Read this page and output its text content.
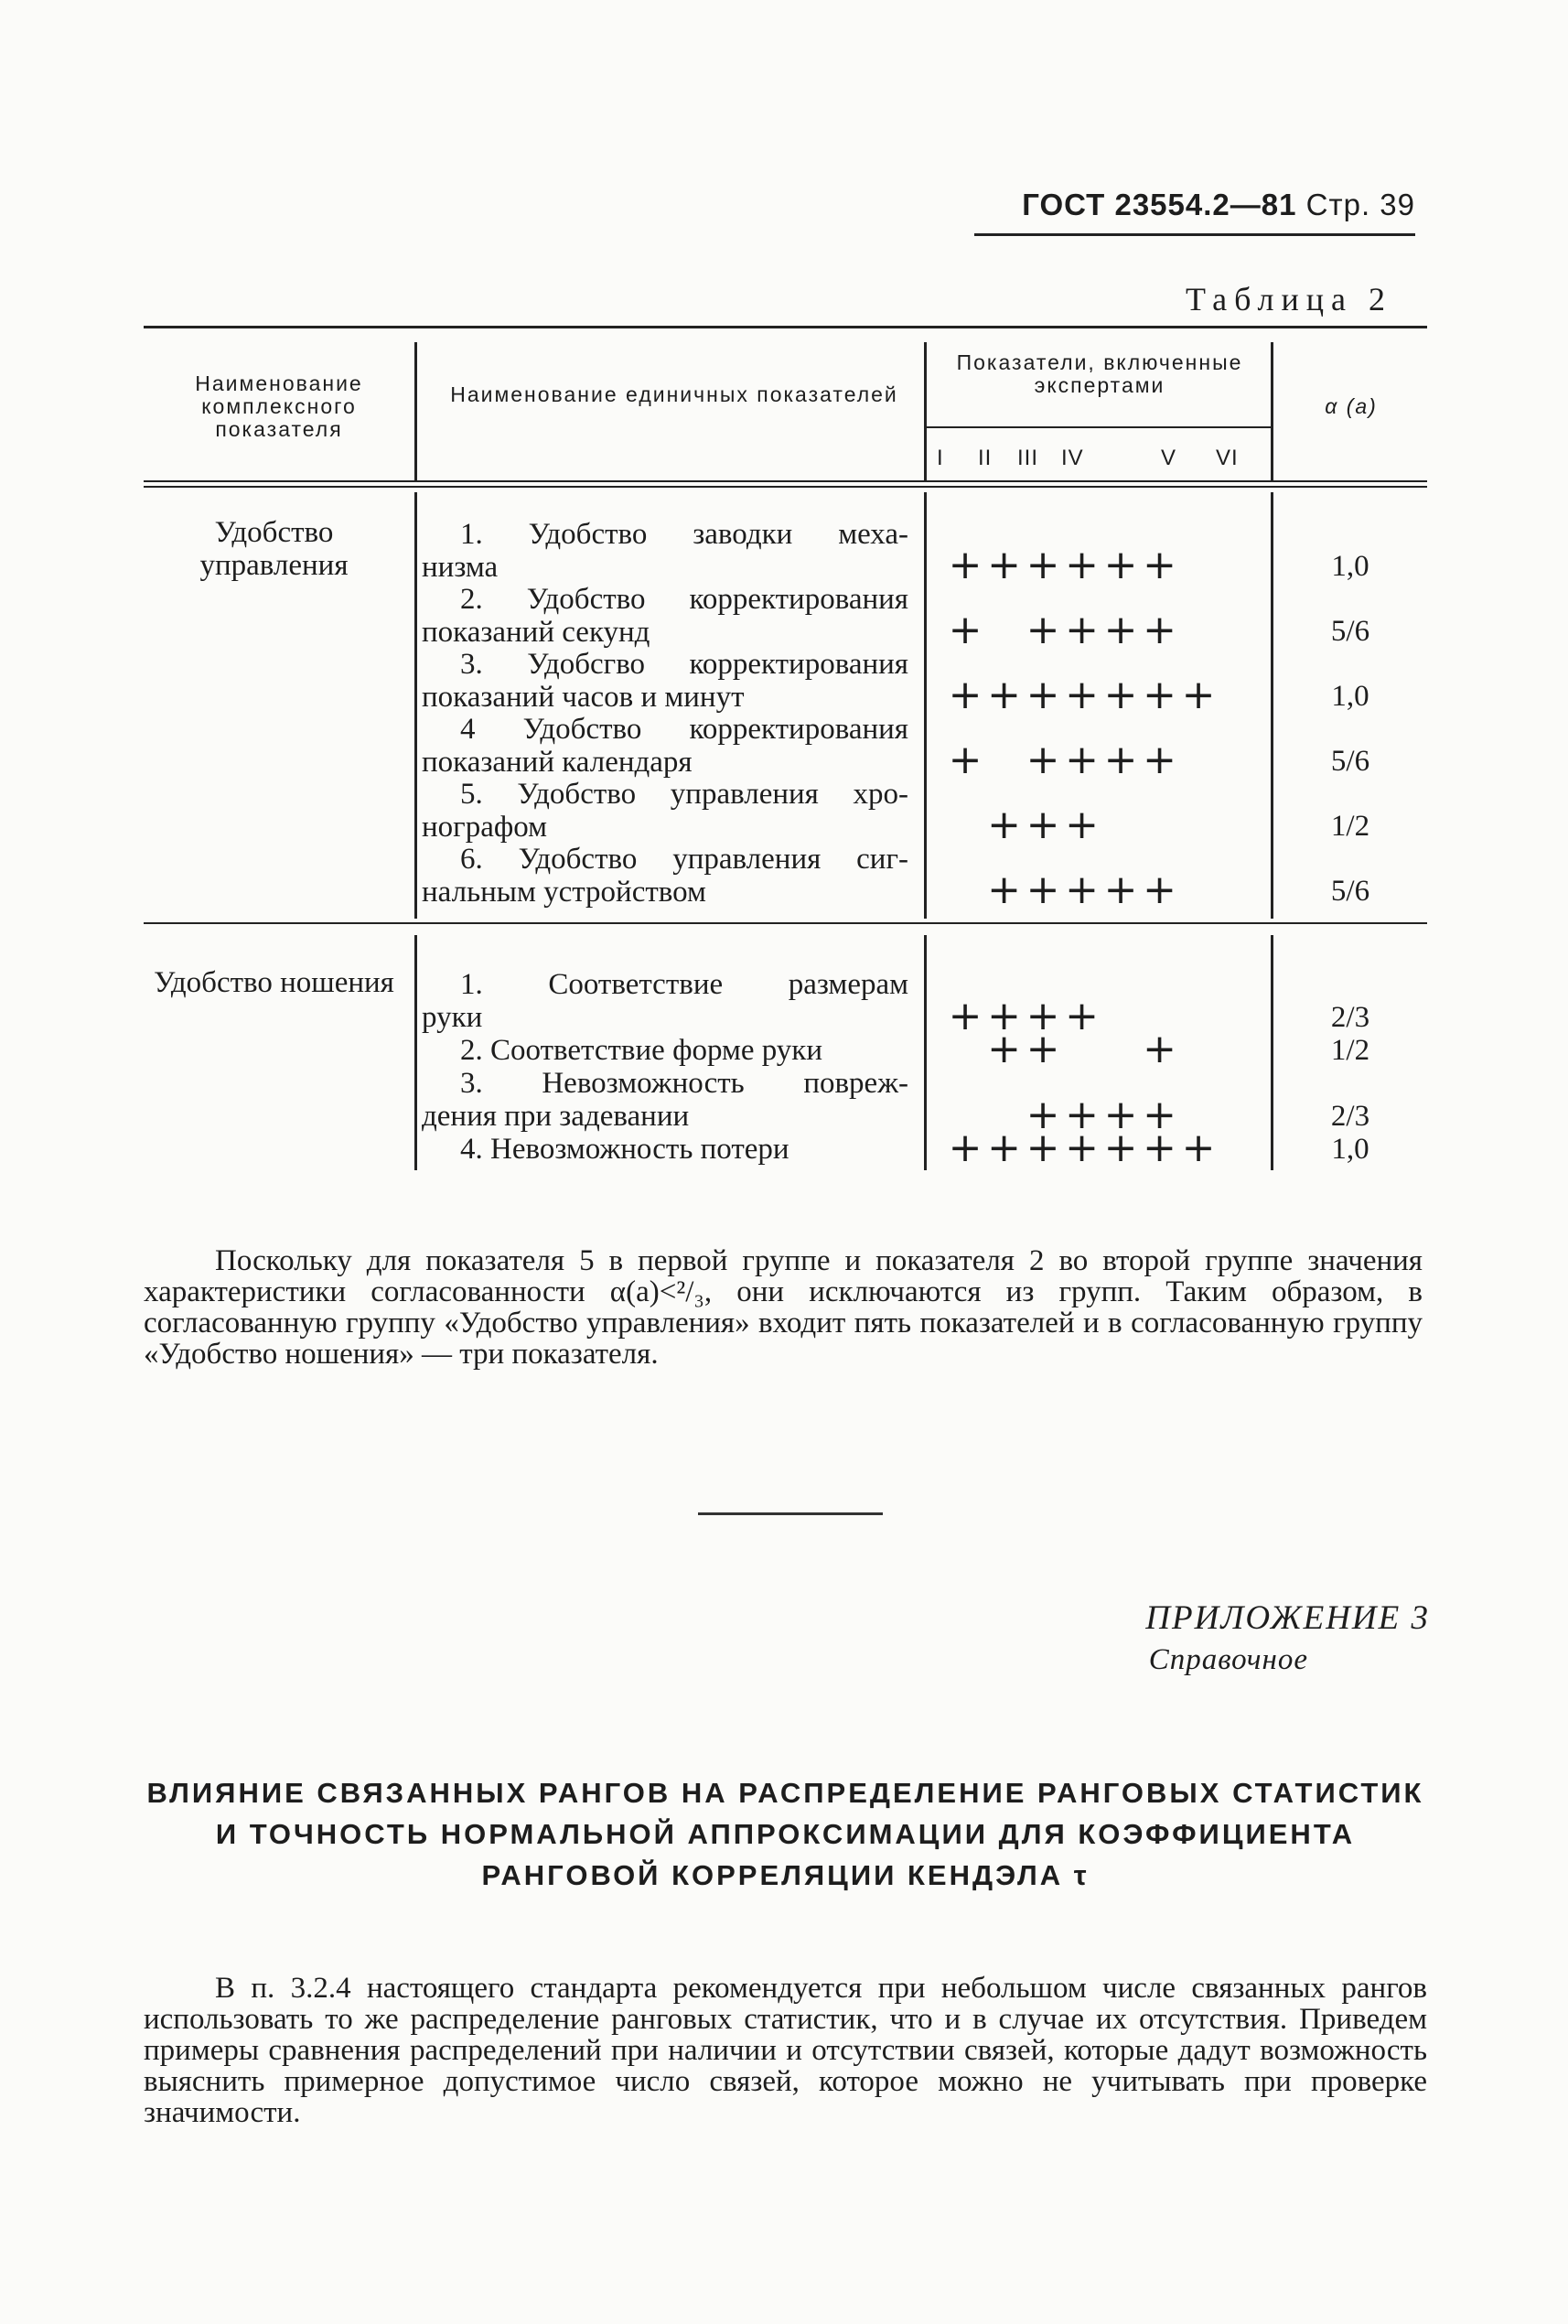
ГОСТ 23554.2—81 Стр. 39
Таблица 2
Наименование комплексного показателя
Наименование единичных показателей
Показатели, включенные экспертами
α (a)
I II III IV	V VI
Удобство управления
1. Удобство заводки меха-
низма
2. Удобство корректирования
показаний секунд
3. Удобсгво корректирования
показаний часов и минут
4 Удобство корректирования
показаний календаря
5. Удобство управления хро-
нографом
6. Удобство управления сиг-
нальным устройством
1,0
5/6
1,0
5/6
1/2
5/6
Удобство ношения	1. Соответствие размерам
руки
2. Соответствие форме руки
3. Невозможность повреж-
дения при задевании
4. Невозможность потери
2/3
1/2
2/3
1,0
+ + + + + +
+ + + + +
+ + + + + + +
+ + + + +
+ + +
+ + + + +
+ + + +
+ + +
+ + + +
+ + + + + + +
Поскольку для показателя 5 в первой группе и показателя 2 во второй группе значения характеристики согласованности α(a)<²/₃, они исключаются из групп. Таким образом, в согласованную группу «Удобство управления» входит пять показателей и в согласованную группу «Удобство ношения» — три показателя.
ПРИЛОЖЕНИЕ 3
Справочное
ВЛИЯНИЕ СВЯЗАННЫХ РАНГОВ НА РАСПРЕДЕЛЕНИЕ РАНГОВЫХ СТАТИСТИК И ТОЧНОСТЬ НОРМАЛЬНОЙ АППРОКСИМАЦИИ ДЛЯ КОЭФФИЦИЕНТА РАНГОВОЙ КОРРЕЛЯЦИИ КЕНДЭЛА τ
В п. 3.2.4 настоящего стандарта рекомендуется при небольшом числе связанных рангов использовать то же распределение ранговых статистик, что и в случае их отсутствия. Приведем примеры сравнения распределений при наличии и отсутствии связей, которые дадут возможность выяснить примерное допустимое число связей, которое можно не учитывать при проверке значимости.
